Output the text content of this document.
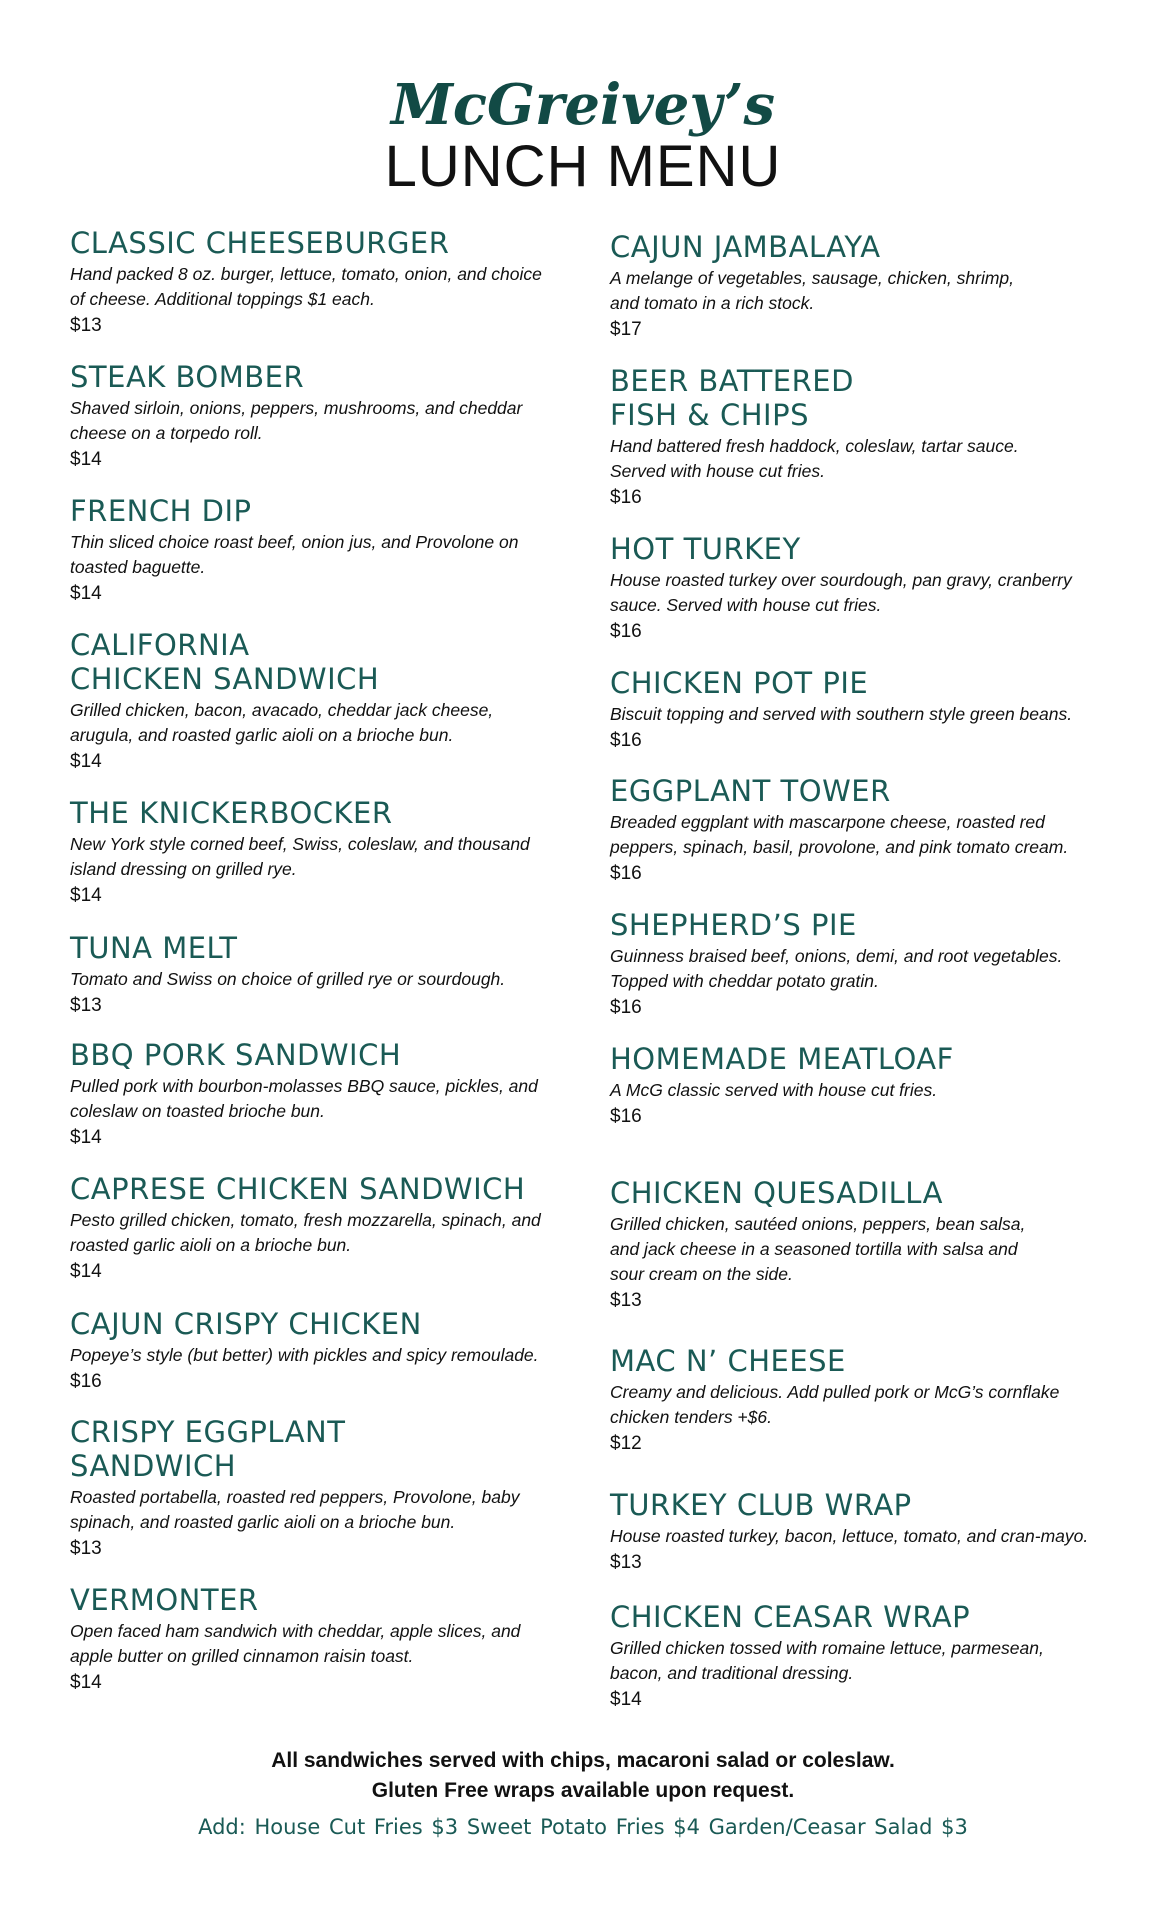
McGreivey’s
LUNCH MENU
CLASSIC CHEESEBURGER
Hand packed 8 oz. burger, lettuce, tomato, onion, and choice
of cheese. Additional toppings $1 each.
$13
STEAK BOMBER
Shaved sirloin, onions, peppers, mushrooms, and cheddar
cheese on a torpedo roll.
$14
FRENCH DIP
Thin sliced choice roast beef, onion jus, and Provolone on
toasted baguette.
$14
CALIFORNIA
CHICKEN SANDWICH
Grilled chicken, bacon, avacado, cheddar jack cheese,
arugula, and roasted garlic aioli on a brioche bun.
$14
THE KNICKERBOCKER
New York style corned beef, Swiss, coleslaw, and thousand
island dressing on grilled rye.
$14
TUNA MELT
Tomato and Swiss on choice of grilled rye or sourdough.
$13
BBQ PORK SANDWICH
Pulled pork with bourbon-molasses BBQ sauce, pickles, and
coleslaw on toasted brioche bun.
$14
CAPRESE CHICKEN SANDWICH
Pesto grilled chicken, tomato, fresh mozzarella, spinach, and
roasted garlic aioli on a brioche bun.
$14
CAJUN CRISPY CHICKEN
Popeye’s style (but better) with pickles and spicy remoulade.
$16
CRISPY EGGPLANT
SANDWICH
Roasted portabella, roasted red peppers, Provolone, baby
spinach, and roasted garlic aioli on a brioche bun.
$13
VERMONTER
Open faced ham sandwich with cheddar, apple slices, and
apple butter on grilled cinnamon raisin toast.
$14
CAJUN JAMBALAYA
A melange of vegetables, sausage, chicken, shrimp,
and tomato in a rich stock.
$17
BEER BATTERED
FISH & CHIPS
Hand battered fresh haddock, coleslaw, tartar sauce.
Served with house cut fries.
$16
HOT TURKEY
House roasted turkey over sourdough, pan gravy, cranberry
sauce. Served with house cut fries.
$16
CHICKEN POT PIE
Biscuit topping and served with southern style green beans.
$16
EGGPLANT TOWER
Breaded eggplant with mascarpone cheese, roasted red
peppers, spinach, basil, provolone, and pink tomato cream.
$16
SHEPHERD’S PIE
Guinness braised beef, onions, demi, and root vegetables.
Topped with cheddar potato gratin.
$16
HOMEMADE MEATLOAF
A McG classic served with house cut fries.
$16
CHICKEN QUESADILLA
Grilled chicken, sautéed onions, peppers, bean salsa,
and jack cheese in a seasoned tortilla with salsa and
sour cream on the side.
$13
MAC N’ CHEESE
Creamy and delicious. Add pulled pork or McG’s cornflake
chicken tenders +$6.
$12
TURKEY CLUB WRAP
House roasted turkey, bacon, lettuce, tomato, and cran-mayo.
$13
CHICKEN CEASAR WRAP
Grilled chicken tossed with romaine lettuce, parmesean,
bacon, and traditional dressing.
$14
All sandwiches served with chips, macaroni salad or coleslaw.
Gluten Free wraps available upon request.
Add: House Cut Fries $3 Sweet Potato Fries $4 Garden/Ceasar Salad $3
